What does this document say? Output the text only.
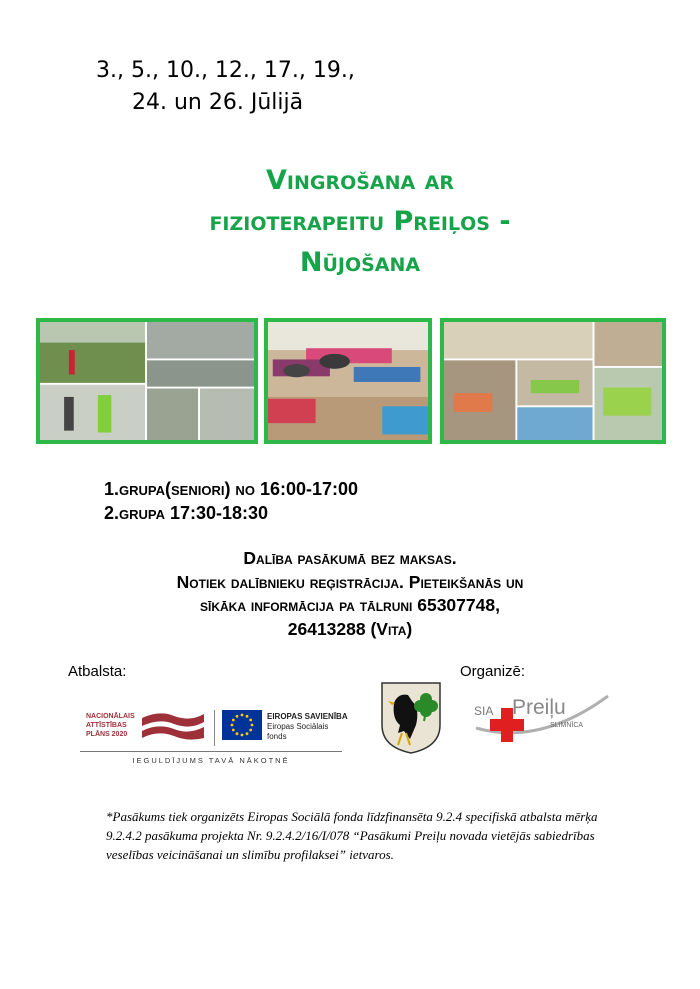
3., 5., 10., 12., 17., 19.,
24. un 26. Jūlijā
Vingrošana ar
fizioterapeitu Preiļos -
Nūjošana
1.grupa(seniori) no 16:00-17:00
2.grupa 17:30-18:30
Dalība pasākumā bez maksas.
Notiek dalībnieku reģistrācija. Pieteikšanās un
sīkāka informācija pa tālruni 65307748,
26413288 (Vita)
Atbalsta:	Organizē:
NACIONĀLAIS
ATTĪSTĪBAS
PLĀNS 2020
EIROPAS SAVIENĪBA
Eiropas Sociālais
fonds
IEGULDĪJUMS TAVĀ NĀKOTNĒ
SIA Preiļu
SLIMNĪCA
*Pasākums tiek organizēts Eiropas Sociālā fonda līdzfinansēta 9.2.4 specifiskā atbalsta mērķa 9.2.4.2 pasākuma projekta Nr. 9.2.4.2/16/I/078 “Pasākumi Preiļu novada vietējās sabiedrības veselības veicināšanai un slimību profilaksei” ietvaros.
